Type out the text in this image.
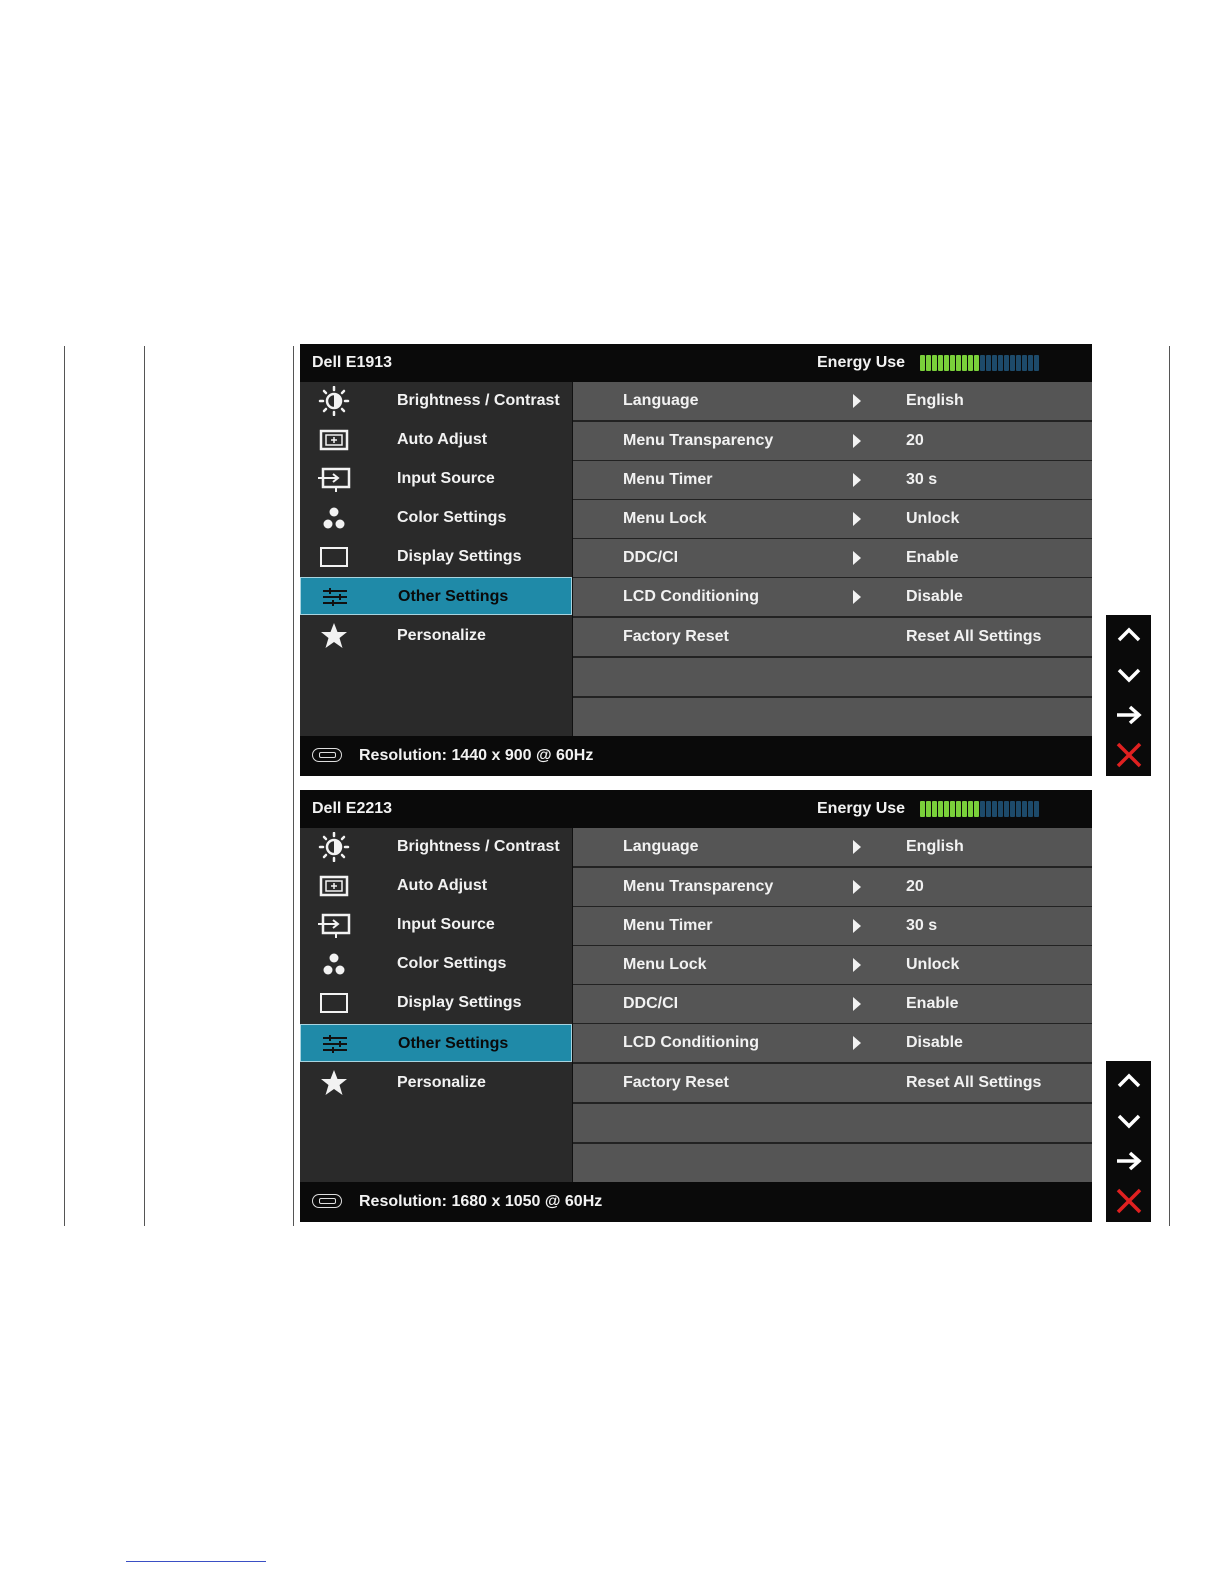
Dell E1913	Energy Use
Brightness / Contrast
Auto Adjust
Input Source
Color Settings
Display Settings
Other Settings
Personalize
Language	English
Menu Transparency	20
Menu Timer	30 s
Menu Lock	Unlock
DDC/CI	Enable
LCD Conditioning	Disable
Factory Reset	Reset All Settings
Resolution: 1440 x 900 @ 60Hz
Dell E2213	Energy Use
Brightness / Contrast
Auto Adjust
Input Source
Color Settings
Display Settings
Other Settings
Personalize
Language	English
Menu Transparency	20
Menu Timer	30 s
Menu Lock	Unlock
DDC/CI	Enable
LCD Conditioning	Disable
Factory Reset	Reset All Settings
Resolution: 1680 x 1050 @ 60Hz
